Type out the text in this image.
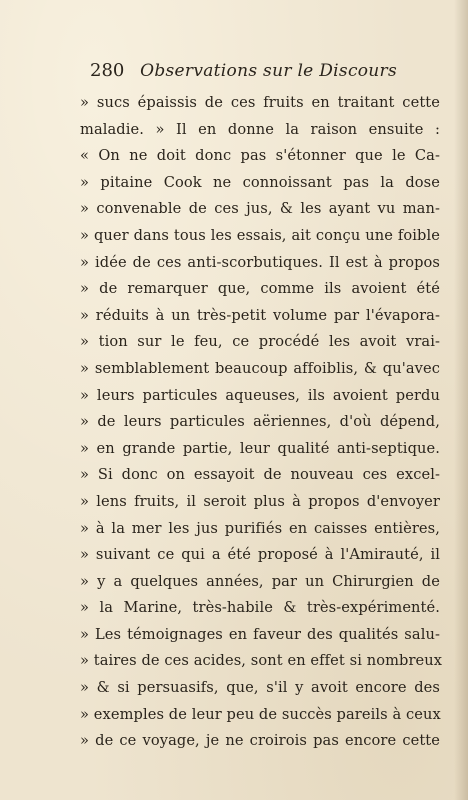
280 Observations sur le Discours
» sucs épaissis de ces fruits en traitant cette
maladie. » Il en donne la raison ensuite :
« On ne doit donc pas s'étonner que le Ca-
» pitaine Cook ne connoissant pas la dose
» convenable de ces jus, & les ayant vu man-
» quer dans tous les essais, ait conçu une foible
» idée de ces anti-scorbutiques. Il est à propos
» de remarquer que, comme ils avoient été
» réduits à un très-petit volume par l'évapora-
» tion sur le feu, ce procédé les avoit vrai-
» semblablement beaucoup affoiblis, & qu'avec
» leurs particules aqueuses, ils avoient perdu
» de leurs particules aëriennes, d'où dépend,
» en grande partie, leur qualité anti-septique.
» Si donc on essayoit de nouveau ces excel-
» lens fruits, il seroit plus à propos d'envoyer
» à la mer les jus purifiés en caisses entières,
» suivant ce qui a été proposé à l'Amirauté, il
» y a quelques années, par un Chirurgien de
» la Marine, très-habile & très-expérimenté.
» Les témoignages en faveur des qualités salu-
» taires de ces acides, sont en effet si nombreux
» & si persuasifs, que, s'il y avoit encore des
» exemples de leur peu de succès pareils à ceux
» de ce voyage, je ne croirois pas encore cette
